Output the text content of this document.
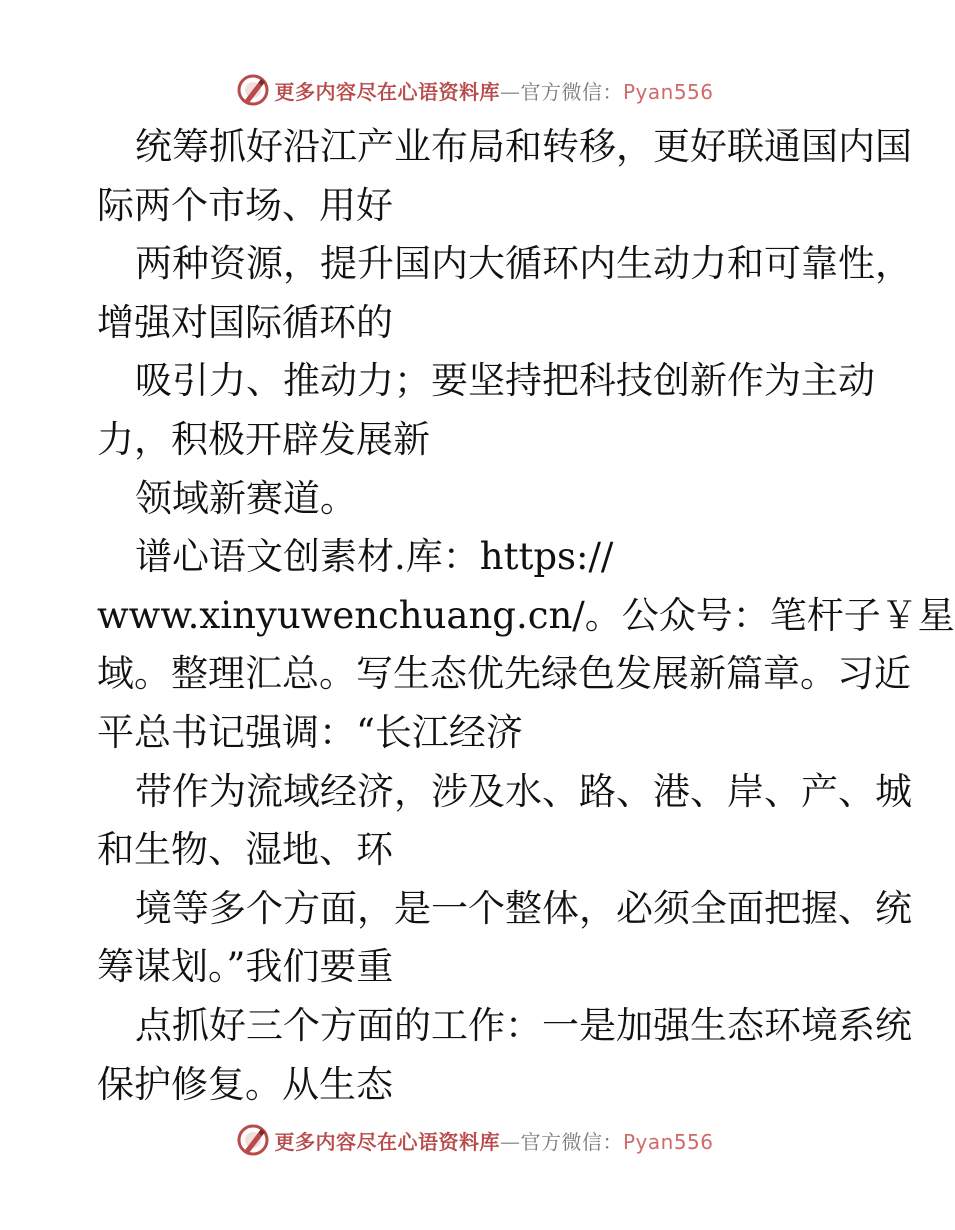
更多内容尽在心语资料库—官方微信：Pyan556
统筹抓好沿江产业布局和转移，更好联通国内国
际两个市场、用好
两种资源，提升国内大循环内生动力和可靠性，
增强对国际循环的
吸引力、推动力；要坚持把科技创新作为主动
力，积极开辟发展新
领域新赛道。
谱心语文创素材.库：https://
www.xinyuwenchuang.cn/。公众号：笔杆子￥星
域。整理汇总。写生态优先绿色发展新篇章。习近
平总书记强调：“长江经济
带作为流域经济，涉及水、路、港、岸、产、城
和生物、湿地、环
境等多个方面，是一个整体，必须全面把握、统
筹谋划。”我们要重
点抓好三个方面的工作：一是加强生态环境系统
保护修复。从生态
更多内容尽在心语资料库—官方微信：Pyan556
